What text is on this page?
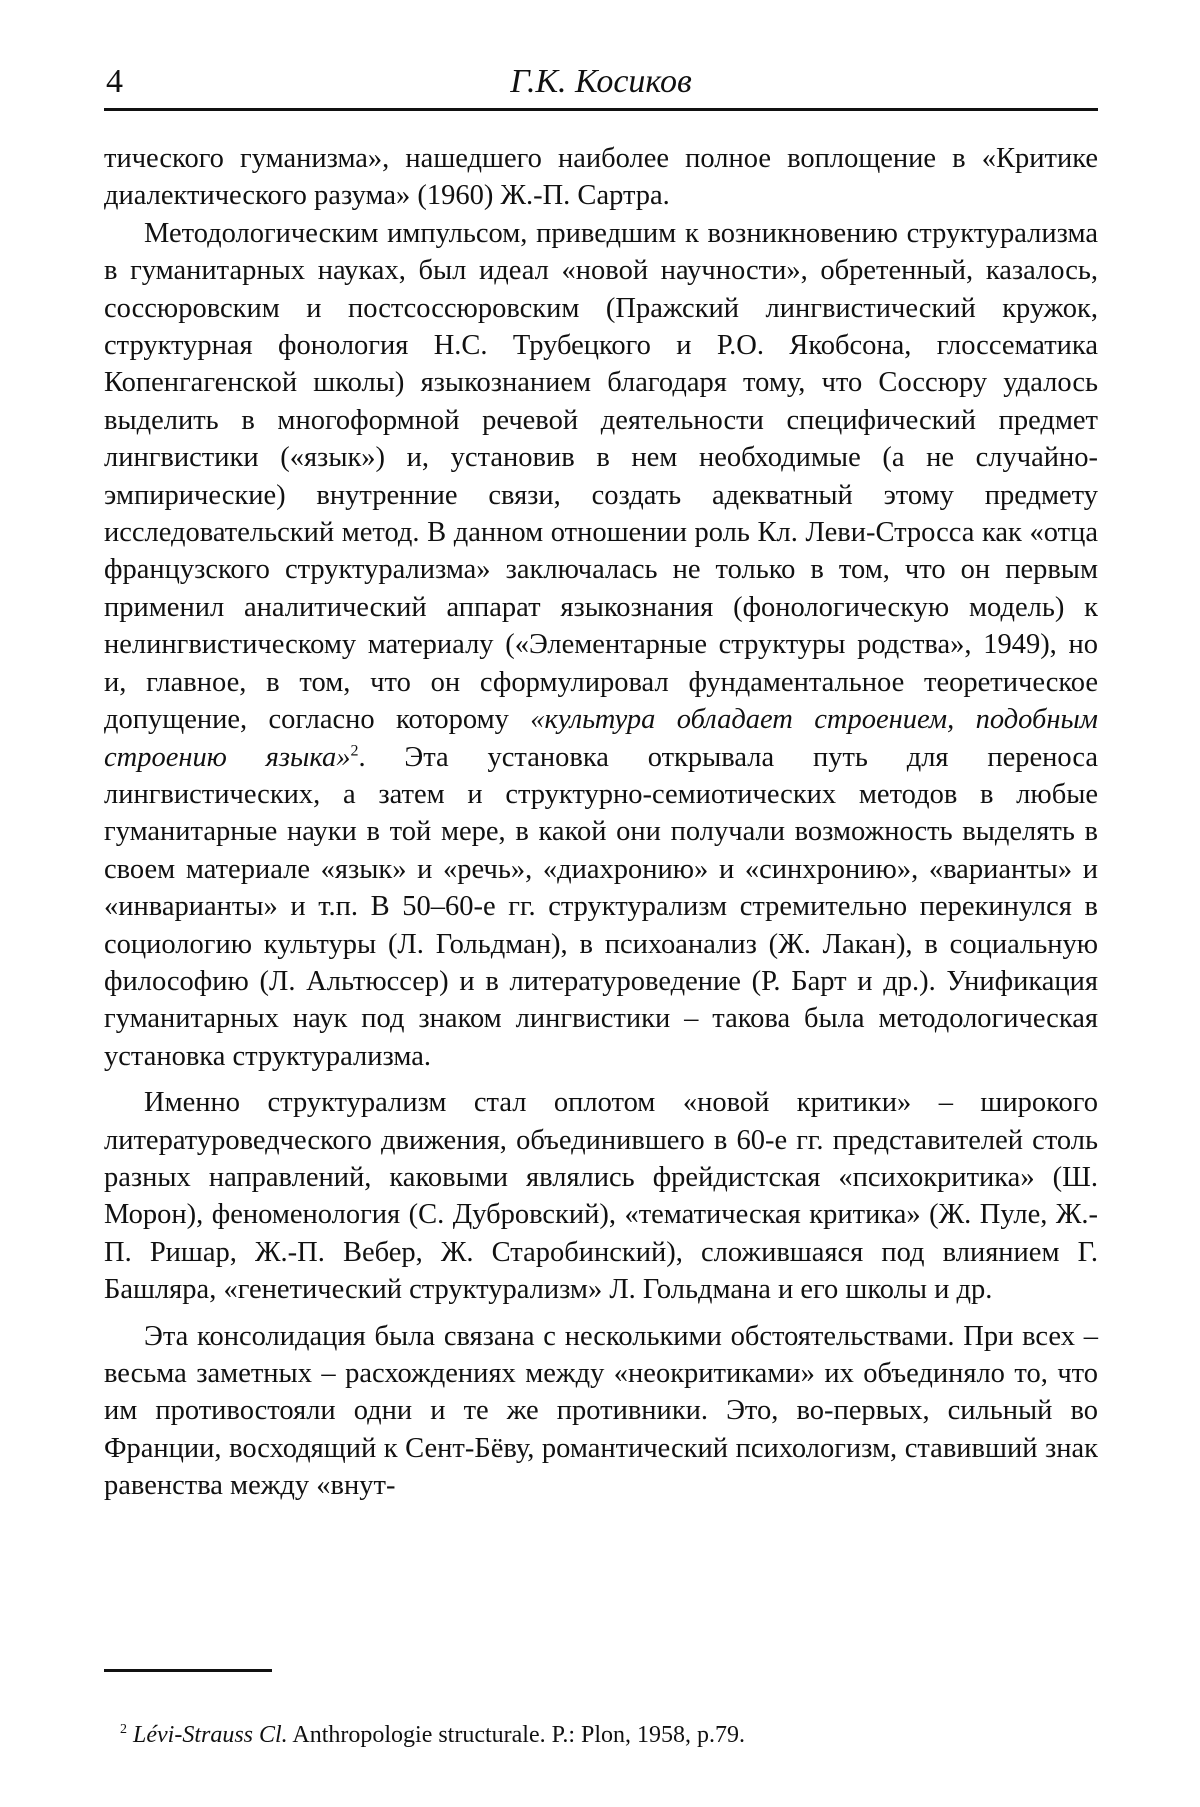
4	Г.К. Косиков

тического гуманизма», нашедшего наиболее полное воплощение в «Критике диалектического разума» (1960) Ж.-П. Сартра.

Методологическим импульсом, приведшим к возникновению структурализма в гуманитарных науках, был идеал «новой научности», обретенный, казалось, соссюровским и постсоссюровским (Пражский лингвистический кружок, структурная фонология Н.С. Трубецкого и Р.О. Якобсона, глоссематика Копенгагенской школы) языкознанием благодаря тому, что Соссюру удалось выделить в многоформной речевой деятельности специфический предмет лингвистики («язык») и, установив в нем необходимые (а не случайно-эмпирические) внутренние связи, создать адекватный этому предмету исследовательский метод. В данном отношении роль Кл. Леви-Стросса как «отца французского структурализма» заключалась не только в том, что он первым применил аналитический аппарат языкознания (фонологическую модель) к нелингвистическому материалу («Элементарные структуры родства», 1949), но и, главное, в том, что он сформулировал фундаментальное теоретическое допущение, согласно которому «культура обладает строением, подобным строению языка»$^2$. Эта установка открывала путь для переноса лингвистических, а затем и структурно-семиотических методов в любые гуманитарные науки в той мере, в какой они получали возможность выделять в своем материале «язык» и «речь», «диахронию» и «синхронию», «варианты» и «инварианты» и т.п. В 50–60-е гг. структурализм стремительно перекинулся в социологию культуры (Л. Гольдман), в психоанализ (Ж. Лакан), в социальную философию (Л. Альтюссер) и в литературоведение (Р. Барт и др.). Унификация гуманитарных наук под знаком лингвистики – такова была методологическая установка структурализма.

Именно структурализм стал оплотом «новой критики» – широкого литературоведческого движения, объединившего в 60-е гг. представителей столь разных направлений, каковыми являлись фрейдистская «психокритика» (Ш. Морон), феноменология (С. Дубровский), «тематическая критика» (Ж. Пуле, Ж.-П. Ришар, Ж.-П. Вебер, Ж. Старобинский), сложившаяся под влиянием Г. Башляра, «генетический структурализм» Л. Гольдмана и его школы и др.

Эта консолидация была связана с несколькими обстоятельствами. При всех – весьма заметных – расхождениях между «неокритиками» их объединяло то, что им противостояли одни и те же противники. Это, во-первых, сильный во Франции, восходящий к Сент-Бёву, романтический психологизм, ставивший знак равенства между «внут-

$^2$ Lévi-Strauss Cl. Anthropologie structurale. P.: Plon, 1958, p.79.
